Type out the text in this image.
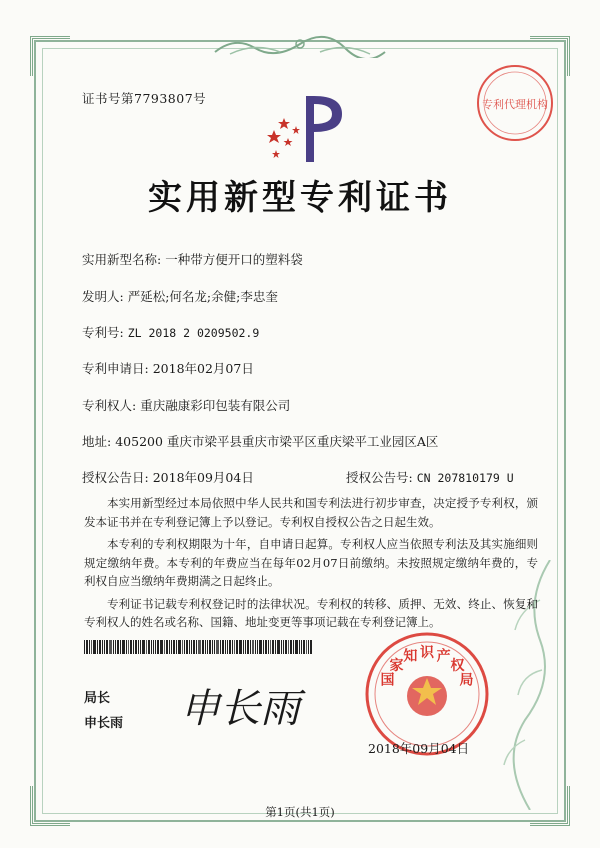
证书号第7793807号	专利代理机构
实用新型专利证书
实用新型名称: 一种带方便开口的塑料袋
发明人: 严延松;何名龙;余健;李忠奎
专利号: ZL 2018 2 0209502.9
专利申请日: 2018年02月07日
专利权人: 重庆融康彩印包装有限公司
地址: 405200 重庆市梁平县重庆市梁平区重庆梁平工业园区A区
授权公告日: 2018年09月04日	授权公告号: CN 207810179 U

本实用新型经过本局依照中华人民共和国专利法进行初步审查，决定授予专利权，颁发本证书并在专利登记簿上予以登记。专利权自授权公告之日起生效。

本专利的专利权期限为十年，自申请日起算。专利权人应当依照专利法及其实施细则规定缴纳年费。本专利的年费应当在每年02月07日前缴纳。未按照规定缴纳年费的，专利权自应当缴纳年费期满之日起终止。

专利证书记载专利权登记时的法律状况。专利权的转移、质押、无效、终止、恢复和专利权人的姓名或名称、国籍、地址变更等事项记载在专利登记簿上。

局长
申长雨 申长雨
国
家
知 识 产
权
局
2018年09月04日
第1页(共1页)
